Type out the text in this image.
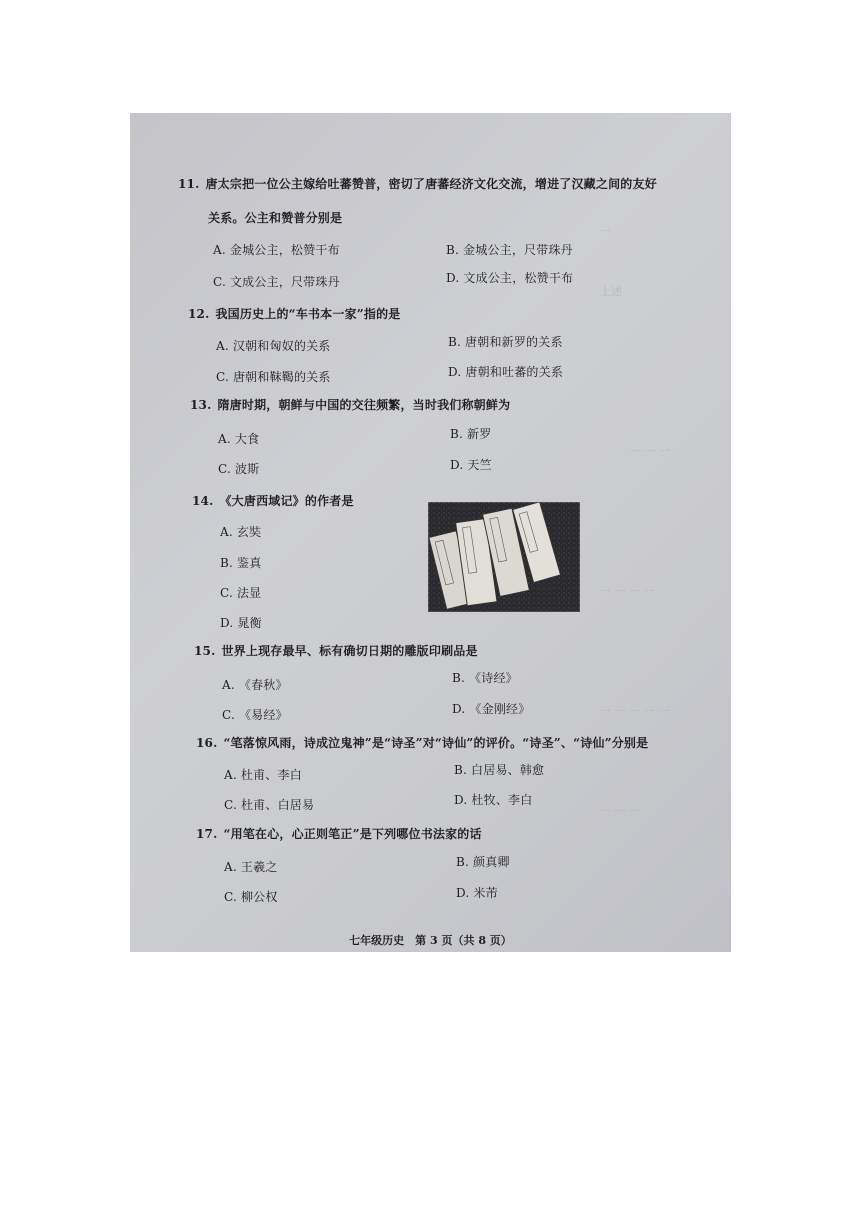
一
上述
一 一 一
一 一 一 一
一 一 一 一 一
一 一 一
11. 唐太宗把一位公主嫁给吐蕃赞普，密切了唐蕃经济文化交流，增进了汉藏之间的友好
关系。公主和赞普分别是
A. 金城公主，松赞干布	B. 金城公主，尺带珠丹
C. 文成公主，尺带珠丹	D. 文成公主，松赞干布
12. 我国历史上的“车书本一家”指的是
A. 汉朝和匈奴的关系	B. 唐朝和新罗的关系
C. 唐朝和靺鞨的关系	D. 唐朝和吐蕃的关系
13. 隋唐时期，朝鲜与中国的交往频繁，当时我们称朝鲜为
A. 大食	B. 新罗
C. 波斯	D. 天竺
14. 《大唐西域记》的作者是
A. 玄奘
B. 鉴真
C. 法显
D. 晁衡
15. 世界上现存最早、标有确切日期的雕版印刷品是
A. 《春秋》	B. 《诗经》
C. 《易经》	D. 《金刚经》
16. “笔落惊风雨，诗成泣鬼神”是“诗圣”对“诗仙”的评价。“诗圣”、“诗仙”分别是
A. 杜甫、李白	B. 白居易、韩愈
C. 杜甫、白居易	D. 杜牧、李白
17. “用笔在心，心正则笔正”是下列哪位书法家的话
A. 王羲之	B. 颜真卿
C. 柳公权	D. 米芾
七年级历史　第 3 页（共 8 页）
